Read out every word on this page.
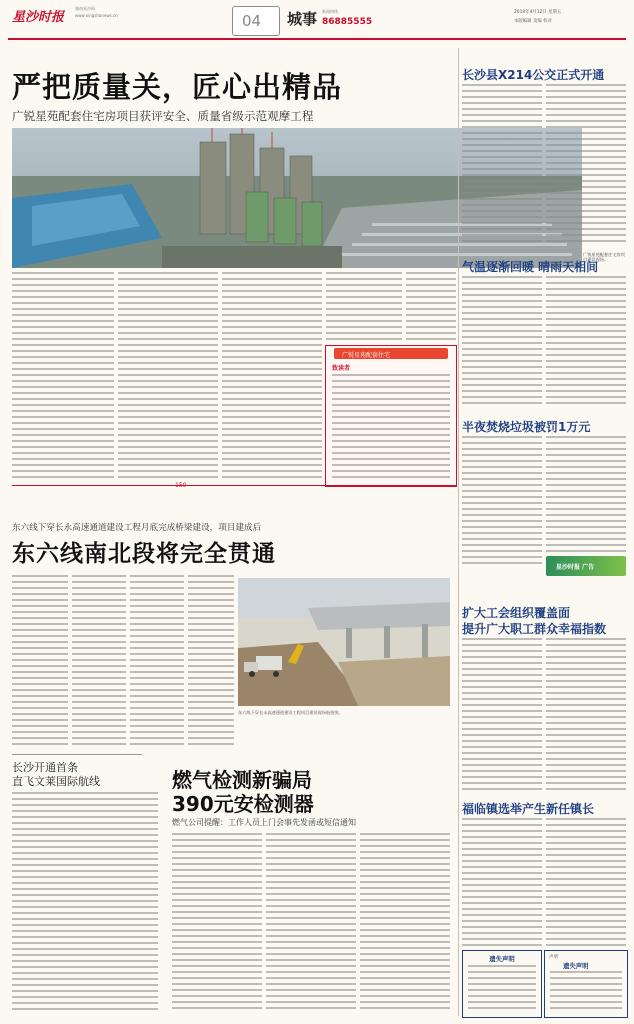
星沙时报
湖南星沙网
www.xingshanews.cn	04 城事 新闻热线
86885555
2019年4月12日 星期五
本版编辑 美编 校对
严把质量关，匠心出精品
广锐星苑配套住宅房项目获评安全、质量省级示范观摩工程
广锐星苑配套住宅房项目建设现场。
广锐星苑配套住宅
致读者
东六线下穿长永高速通道建设工程月底完成桥梁建设，项目建成后
东六线南北段将完全贯通
东六线下穿长永高速通道建设工程项目建设现场航拍图。
长沙开通首条
直飞文莱国际航线	燃气检测新骗局
390元安检测器
燃气公司提醒：工作人员上门会事先发函或短信通知
长沙县X214公交正式开通
气温逐渐回暖 晴雨天相间
半夜焚烧垃圾被罚1万元
星沙时报 广告
扩大工会组织覆盖面
提升广大职工群众幸福指数
福临镇选举产生新任镇长
遗失声明	声明
遗失声明
